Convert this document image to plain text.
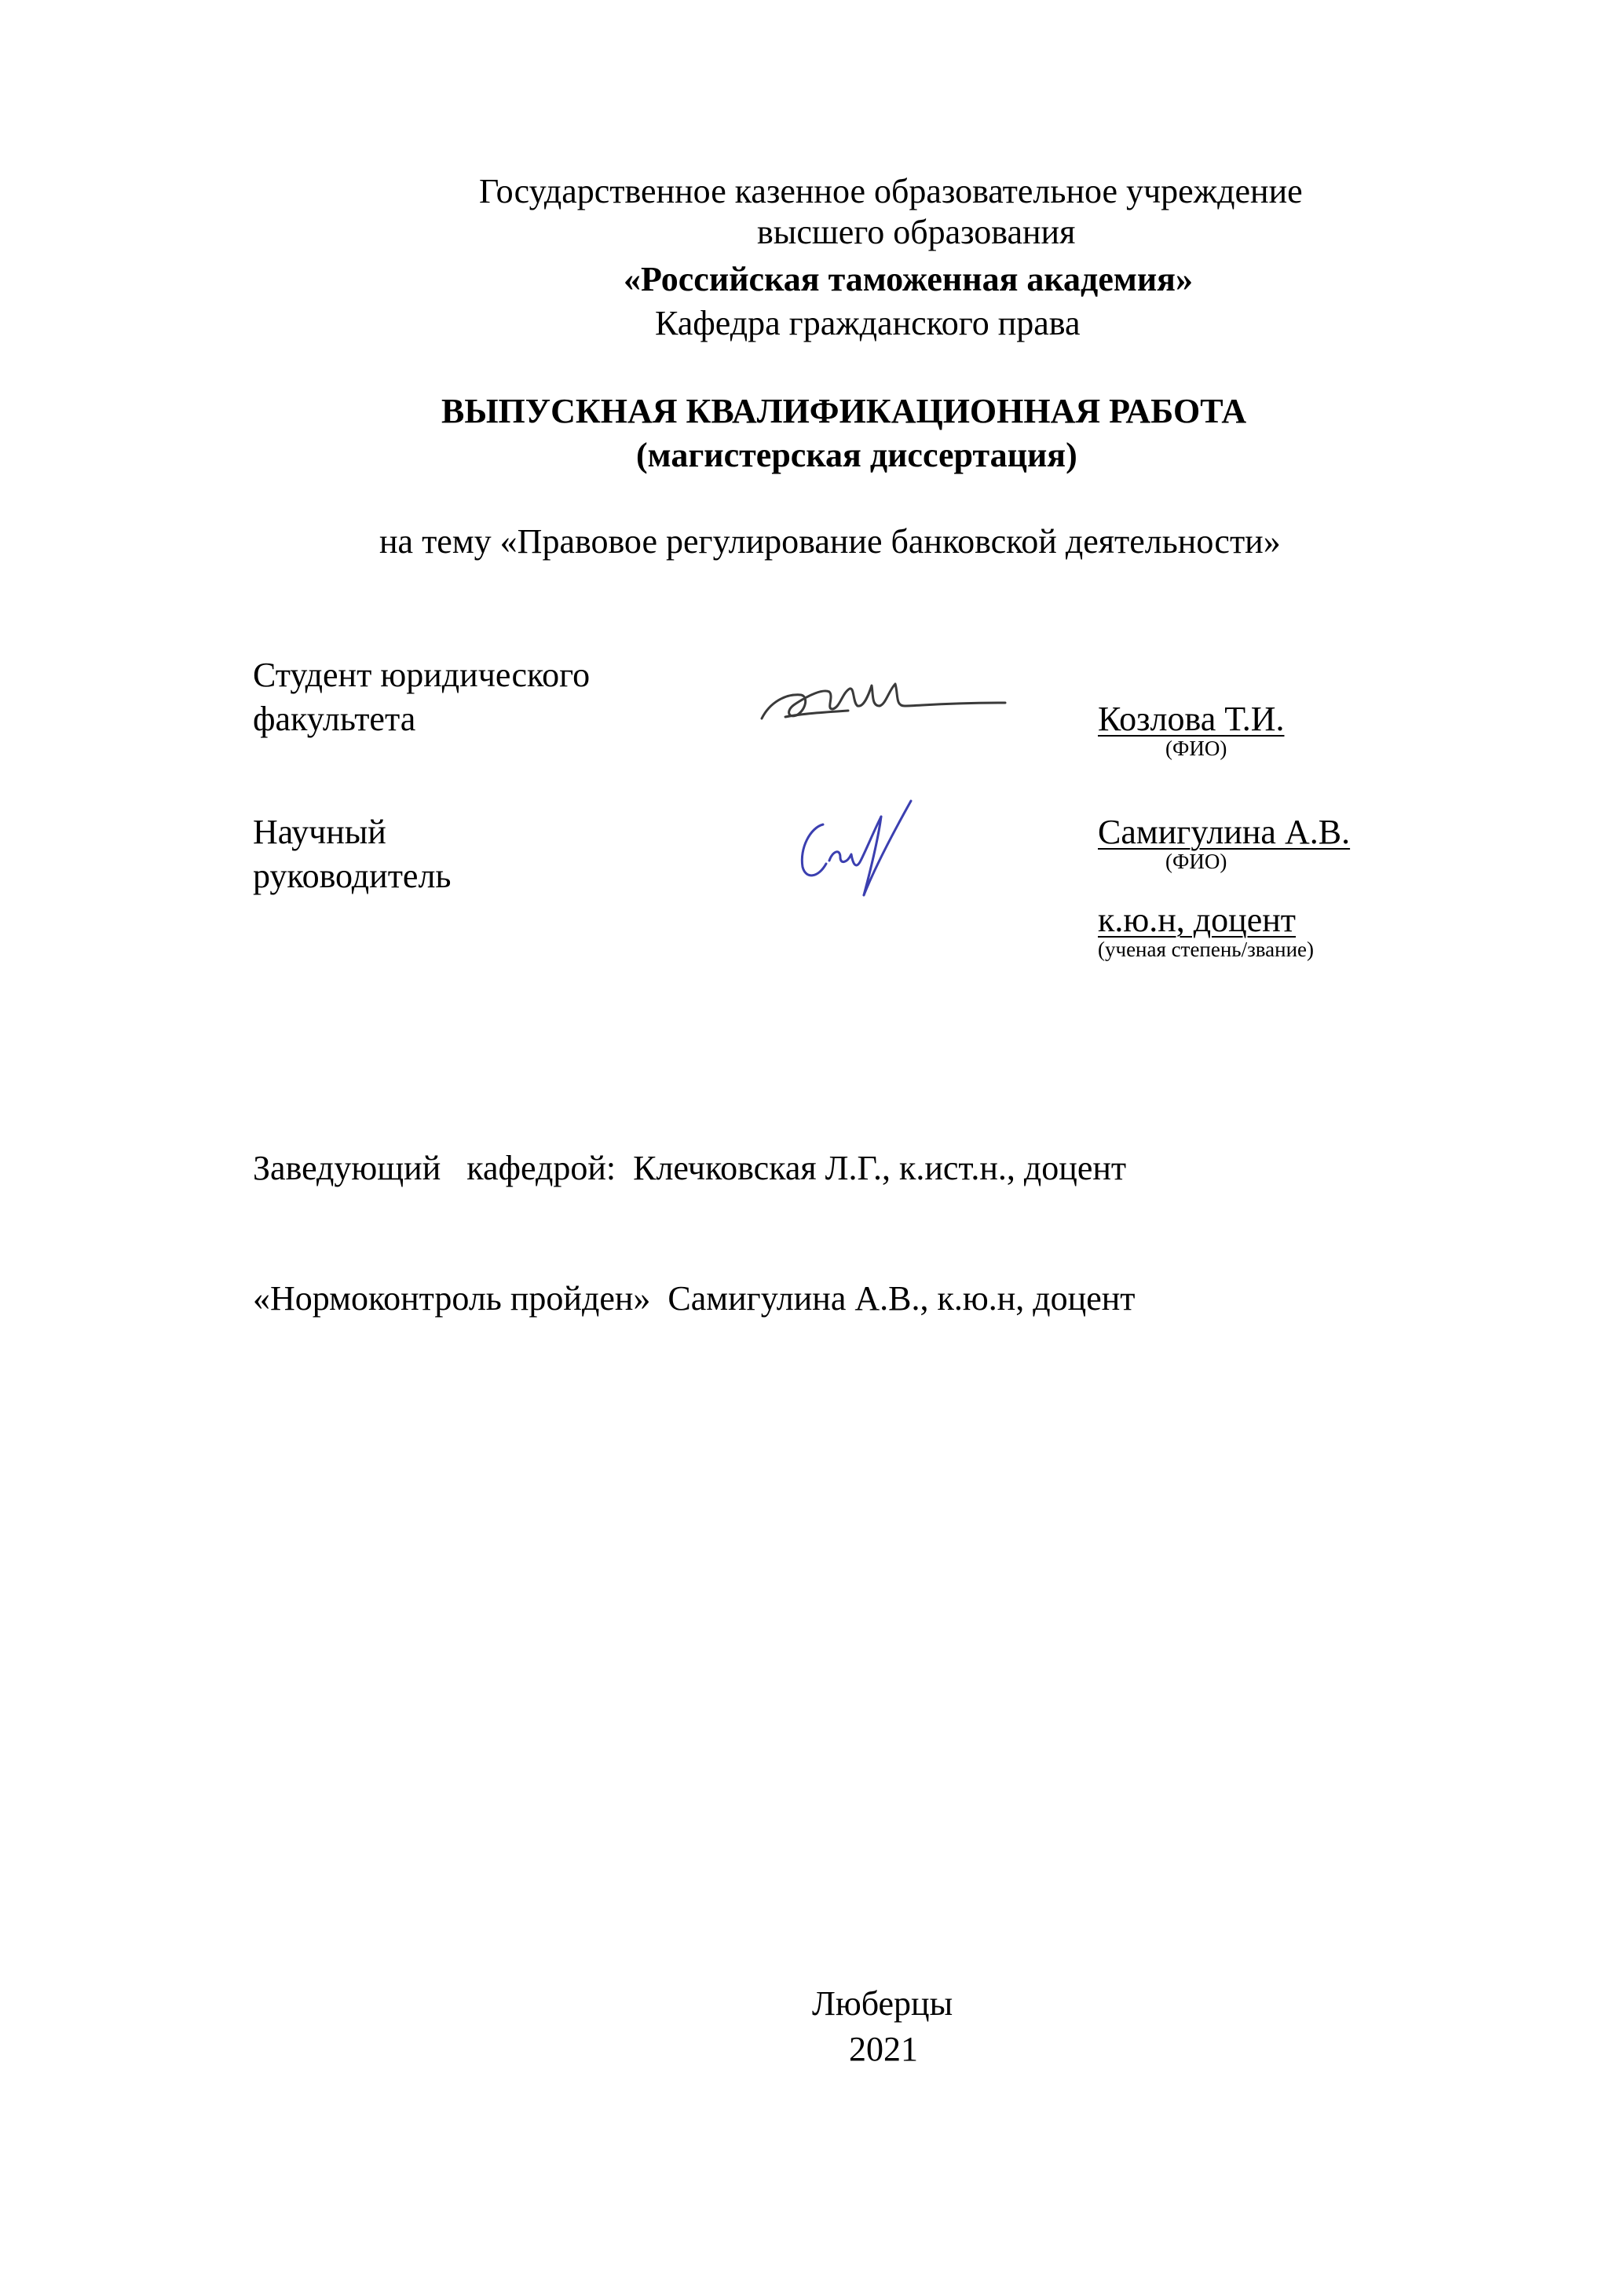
Государственное казенное образовательное учреждение
высшего образования
«Российская таможенная академия»
Кафедра гражданского права
ВЫПУСКНАЯ КВАЛИФИКАЦИОННАЯ РАБОТА
(магистерская диссертация)
на тему «Правовое регулирование банковской деятельности»
Студент юридического
факультета	Козлова Т.И.
(ФИО)
Научный
руководитель
Самигулина А.В.
(ФИО)
к.ю.н, доцент
(ученая степень/звание)
Заведующий   кафедрой:  Клечковская Л.Г., к.ист.н., доцент
«Нормоконтроль пройден»  Самигулина А.В., к.ю.н, доцент
Люберцы
2021
